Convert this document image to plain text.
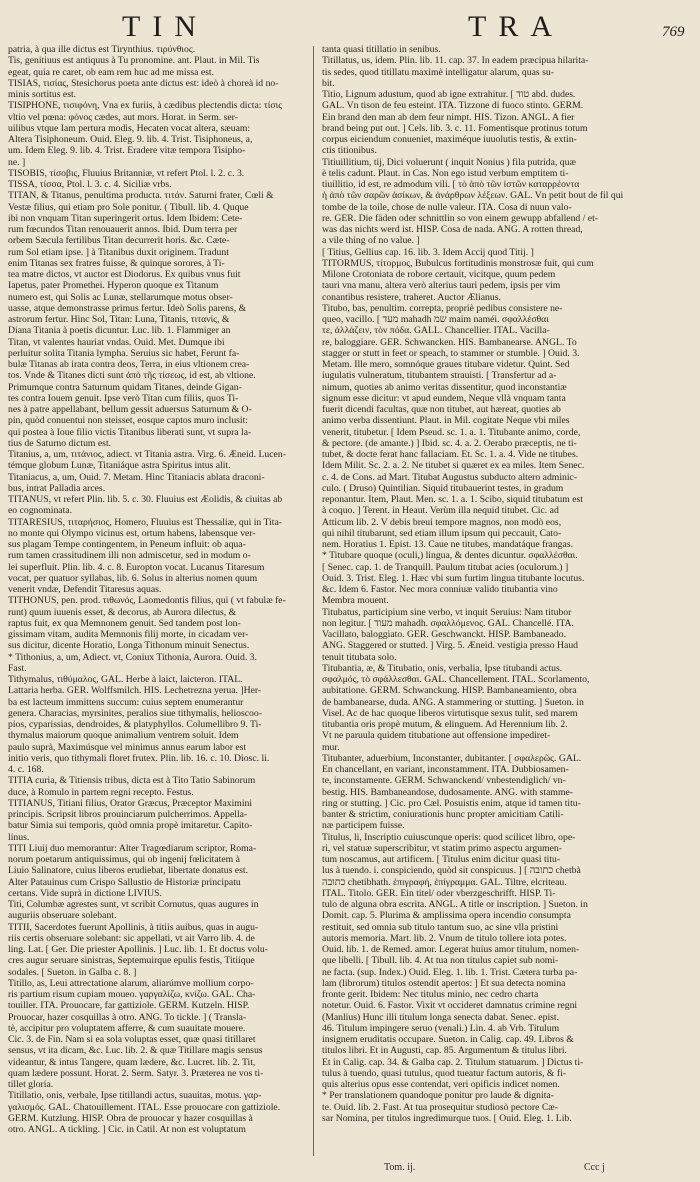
TIN	TRA	769
patria, à qua ille dictus est Tirynthius. τιρύνθιος.
Tis, genitiuus est antiquus à Tu pronomine. ant. Plaut. in Mil. Tis
egeat, quia re caret, ob eam rem huc ad me missa est.
TISIAS, τισίας, Stesichorus poeta ante dictus est: ideò à choreà id no-
minis sortitus est.
TISIPHONE, τισιφόνη, Vna ex furiis, à cædibus plectendis dicta: τίσις
vltio vel pœna: φόνος cædes, aut mors. Horat. in Serm. ser-
uilibus vtque Iam pertura modis, Hecaten vocat altera, sæuam:
Altera Tisiphoneum. Ouid. Eleg. 9. lib. 4. Trist. Tisiphoneus, a,
um. Idem Eleg. 9. lib. 4. Trist. Eradere vitæ tempora Tisipho-
ne. ]
TISOBIS, τίσοβις, Fluuius Britanniæ, vt refert Ptol. l. 2. c. 3.
TISSA, τίσσα, Ptol. l. 3. c. 4. Siciliæ vrbs.
TITAN, & Titanus, penultima producta. τιτάν. Saturni frater, Cœli &
Vestæ filius, qui etiam pro Sole ponitur. ( Tibull. lib. 4. Quque
ibi non vnquam Titan superingerit ortus. Idem Ibidem: Cete-
rum fœcundos Titan renouauerit annos. Ibid. Dum terra per
orbem Sæcula fertilibus Titan decurrerit horis. &c. Cæte-
rum Sol etiam ipse. ] à Titanibus duxit originem. Tradunt
enim Titanas sex fratres fuisse, & quinque sorores, à Ti-
tea matre dictos, vt auctor est Diodorus. Ex quibus vnus fuit
Iapetus, pater Promethei. Hyperon quoque ex Titanum
numero est, qui Solis ac Lunæ, stellarumque motus obser-
uasse, atque demonstrasse primus fertur. Ideò Solis parens, &
astrorum fertur. Hinc Sol, Titan: Luna, Titanis, τιτανίς, &
Diana Titania à poetis dicuntur. Luc. lib. 1. Flammiger an
Titan, vt valentes hauriat vndas. Ouid. Met. Dumque ibi
perluitur solita Titania lympha. Seruius sic habet, Ferunt fa-
bulæ Titanas ab irata contra deos, Terra, in eius vltionem crea-
tos. Vnde & Titanes dicti sunt ἀπὸ τῆς τίσεως, id est, ab vltione.
Primumque contra Saturnum quidam Titanes, deinde Gigan-
tes contra Iouem genuit. Ipse verò Titan cum filiis, quos Ti-
nes à patre appellabant, bellum gessit aduersus Saturnum & O-
pin, quòd conuentui non steisset, eosque captos muro inclusit:
qui postea à Ioue filio victis Titanibus liberati sunt, vt supra la-
tius de Saturno dictum est.
Titanius, a, um, τιτάνιος, adiect. vt Titania astra. Virg. 6. Æneid. Lucen-
témque globum Lunæ, Titaniáque astra Spiritus intus alit.
Titaniacus, a, um, Ouid. 7. Metam. Hinc Titaniacis ablata draconi-
bus, intrat Palladia arces.
TITANUS, vt refert Plin. lib. 5. c. 30. Fluuius est Æolidis, & ciuitas ab
eo cognominata.
TITARESIUS, τιταρήσιος, Homero, Fluuius est Thessaliæ, qui in Tita-
no monte qui Olympo vicinus est, ortum habens, labensque ver-
sus plagam Tempe contingentem, in Peneum influit: ob aqua-
rum tamen crassitudinem illi non admiscetur, sed in modum o-
lei superfluit. Plin. lib. 4. c. 8. Europton vocat. Lucanus Titaresum
vocat, per quatuor syllabas, lib. 6. Solus in alterius nomen quum
venerit vndæ, Defendit Titaresus aquas.
TITHONUS, pen. prod. τιθωνός, Laomedontis filius, qui ( vt fabulæ fe-
runt) quum iuuenis esset, & decorus, ab Aurora dilectus, &
raptus fuit, ex qua Memnonem genuit. Sed tandem post lon-
gissimam vitam, audita Memnonis filij morte, in cicadam ver-
sus dicitur, dicente Horatio, Longa Tithonum minuit Senectus.
* Tithonius, a, um, Adiect. vt, Coniux Tithonia, Aurora. Ouid. 3.
Fast.
Tithymalus, τιθύμαλος, GAL. Herbe à laict, laicteron. ITAL.
Lattaria herba. GER. Wolffsmilch. HIS. Lechetrezna yerua. ]Her-
ba est lacteum immittens succum: cuius septem enumerantur
genera. Characias, myrsinites, peralios siue tithymalis, helioscoo-
pios, cyparissias, dendroides, & platyphyllos. Columellibro 9. Ti-
thymalus maiorum quoque animalium ventrem soluit. Idem
paulo suprà, Maximúsque vel minimus annus earum labor est
initio veris, quo tithymali floret frutex. Plin. lib. 16. c. 10. Diosc. li.
4. c. 168.
TITIA curia, & Titiensis tribus, dicta est à Tito Tatio Sabinorum
duce, à Romulo in partem regni recepto. Festus.
TITIANUS, Titiani filius, Orator Græcus, Præceptor Maximini
principis. Scripsit libros prouinciarum pulcherrimos. Appella-
batur Simia sui temporis, quòd omnia propè imitaretur. Capito-
linus.
TITI Liuij duo memorantur: Alter Tragœdiarum scriptor, Roma-
norum poetarum antiquissimus, qui ob ingenij fœlicitatem à
Liuio Salinatore, cuius liberos erudiebat, libertate donatus est.
Alter Patauinus cum Crispo Sallustio de Historiæ principatu
certans. Vide suprà in dictione LIVIUS.
Titi, Columbæ agrestes sunt, vt scribit Cornutus, quas augures in
auguriis obseruare solebant.
TITII, Sacerdotes fuerunt Apollinis, à titiis auibus, quas in augu-
riis certis obseruare solebant: sic appellati, vt ait Varro lib. 4. de
ling. Lat. [ Ger. Die priester Apollinis. ] Luc. lib. 1. Et doctus volu-
cres augur seruare sinistras, Septemuirque epulis festis, Titiique
sodales. [ Sueton. in Galba c. 8. ]
Titillo, as, Leui attrectatione alarum, aliarúmve mollium corpo-
ris partium risum cupiam moueo. γαργαλίζω, κνίζω. GAL. Cha-
touiller. ITA. Prouocare, far gattiziole. GERM. Kutzeln. HISP.
Prouocar, hazer cosquillas à otro. ANG. To tickle. ] ( Transla-
tè, accipitur pro voluptatem afferre, & cum suauitate mouere.
Cic. 3. de Fin. Nam si ea sola voluptas esset, quæ quasi titillaret
sensus, vt ita dicam, &c. Luc. lib. 2. & quæ Titillare magis sensus
videantur, & intus Tangere, quam lædere, &c. Lucret. lib. 2. Tit,
quam lædere possunt. Horat. 2. Serm. Satyr. 3. Præterea ne vos ti-
tillet gloria.
Titillatio, onis, verbale, Ipse titillandi actus, suauitas, motus. γαρ-
γαλισμός. GAL. Chatouillement. ITAL. Esse prouocare con gattiziole.
GERM. Kutzlung. HISP. Obra de prouocar y hazer cosquillas à
otro. ANGL. A tickling. ] Cic. in Catil. At non est voluptatum
tanta quasi titillatio in senibus.
Titillatus, us, idem. Plin. lib. 11. cap. 37. In eadem præcipua hilarita-
tis sedes, quod titillatu maximè intelligatur alarum, quas su-
bit.
Titio, Lignum adustum, quod ab igne extrahitur. [ טוד abd. dudes.
GAL. Vn tison de feu esteint. ITA. Tizzone di fuoco stinto. GERM.
Ein brand den man ab dem feur nimpt. HIS. Tizon. ANGL. A fier
brand being put out. ] Cels. lib. 3. c. 11. Fomentisque protinus totum
corpus eiciendum conueniet, maximéque iuuolutis testis, & extin-
ctis titionibus.
Titiuillitium, tij, Dici voluerunt ( inquit Nonius ) fila putrida, quæ
è telis cadunt. Plaut. in Cas. Non ego istud verbum emptitem ti-
tiuillitio, id est, re admodum vili. [ τὸ ἀπὸ τῶν ἱστῶν καταρρέοντα
ἡ ἀπὸ τῶν σαρῶν ἀσίκων, & ἀνάρθρων λέξεων. GAL. Vn petit bout de fil qui
tombe de la toile, chose de nulle valeur. ITA. Cosa di nuun valo-
re. GER. Die fäden oder schnittlin so von einem gewupp abfallend / et-
was das nichts werd ist. HISP. Cosa de nada. ANG. A rotten thread,
a vile thing of no value. ]
[ Titius, Gellius cap. 16. lib. 3. Idem Accij quod Titij. ]
TITORMUS, τίτορμος, Bubulcus fortitudinis monstrosæ fuit, qui cum
Milone Crotoniata de robore certauit, vicitque, quum pedem
tauri vna manu, altera verò alterius tauri pedem, ipsis per vim
conantibus resistere, traheret. Auctor Ælianus.
Titubo, bas, penultim. correpta, propriè pedibus consistere ne-
queo, vacillo. [ מעד mahadh שמ maim naméi. σφαλλέσθαι
τε, ἀλλάζειν, τὸν πόδα. GALL. Chancellier. ITAL. Vacilla-
re, baloggiare. GER. Schwancken. HIS. Bambanearse. ANGL. To
stagger or stutt in feet or speach, to stammer or stumble. ] Ouid. 3.
Metam. Ille mero, somnóque graues titubare videtur. Quint. Sed
iugulatis vulneratum, titubantem strauisti. [ Transfertur ad a-
nimum, quoties ab animo veritas dissentitur, quod inconstantiæ
signum esse dicitur: vt apud eundem, Neque vllà vnquam tanta
fuerit dicendi facultas, quæ non titubet, aut hæreat, quoties ab
animo verba dissentiunt. Plaut. in Mil. cogitate Neque vbi miles
venerit, titubetur. [ Idem Pseud. sc. 1. a. 1. Titubante animo, corde,
& pectore. (de amante.) ] Ibid. sc. 4. a. 2. Oerabo præceptis, ne ti-
tubet, & docte ferat hanc fallaciam. Et. Sc. 1. a. 4. Vide ne titubes.
Idem Milit. Sc. 2. a. 2. Ne titubet si quæret ex ea miles. Item Senec.
c. 4. de Cons. ad Mart. Titubat Augustus subducto altero adminic-
culo. ( Druso) Quintilian. Siquid titubauerint testes, in gradum
reponantur. Item, Plaut. Men. sc. 1. a. 1. Scibo, siquid titubatum est
à coquo. ] Terent. in Heaut. Verùm illa nequid titubet. Cic. ad
Atticum lib. 2. V debis breui tempore magnos, non modò eos,
qui nihil titubarunt, sed etiam illum ipsum qui peccauit, Cato-
nem. Horatius 1. Epist. 13. Caue ne titubes, mandatáque frangas.
* Titubare quoque (oculi,) lingua, & dentes dicuntur. σφαλλέσθαι.
[ Senec. cap. 1. de Tranquill. Paulum titubat acies (oculorum.) ]
Ouid. 3. Trist. Eleg. 1. Hæc vbi sum furtim lingua titubante locutus.
&c. Idem 6. Fastor. Nec mora conniuæ valido titubantia vino
Membra mouent.
Titubatus, participium sine verbo, vt inquit Seruius: Nam titubor
non legitur. [ מעוד mahadh. σφαλλόμενος. GAL. Chancellé. ITA.
Vacillato, baloggiato. GER. Geschwanckt. HISP. Bambaneado.
ANG. Staggered or stutted. ] Virg. 5. Æneid. vestigia presso Haud
tenuit titubata solo.
Titubantia, æ, & Titubatio, onis, verbalia, Ipse titubandi actus.
σφαλμός, τὸ σφάλλεσθαι. GAL. Chancellement. ITAL. Scorlamento,
aubitatione. GERM. Schwanckung. HISP. Bambaneamiento, obra
de bambanearse, duda. ANG. A stammering or stutting. ] Sueton. in
Visel. Ac de hac quoque liberos virtutisque sexus tulit, sed marem
titubantia oris propè mutum, & elinguem. Ad Herennium lib. 2.
Vt ne paruula quidem titubatione aut offensione impediret-
mur.
Titubanter, aduerbium, Inconstanter, dubitanter. [ σφαλερῶς. GAL.
En chancellant, en variant, inconstamment. ITA. Dubbiosamen-
te, inconstamente. GERM. Schwanckend/ vnbestendiglich/ vn-
bestig. HIS. Bambaneandose, dudosamente. ANG. with stamme-
ring or stutting. ] Cic. pro Cæl. Posuistis enim, atque id tamen titu-
banter & strictim, coniurationis hunc propter amicitiam Catili-
næ participem fuisse.
Titulus, li, Inscriptio cuiuscunque operis: quod scilicet libro, ope-
ri, vel statuæ superscribitur, vt statim primo aspectu argumen-
tum noscamus, aut artificem. [ Titulus enim dicitur quasi titu-
lus à tuendo. i. conspiciendo, quòd sit conspicuus. ] [ כתובה chetbà
כתובה chetibhath. ἐπιγραφή, ἐπίγραμμα. GAL. Tiltre, elcriteau.
ITAL. Titolo. GER. Ein titel/ oder vberzgeschrifft. HISP. Ti-
tulo de alguna obra escrita. ANGL. A title or inscription. ] Sueton. in
Domit. cap. 5. Plurima & amplissima opera incendio consumpta
restituit, sed omnia sub titulo tantum suo, ac sine vlla pristini
autoris memoria. Mart. lib. 2. Vnum de titulo tollere iota potes.
Ouid. lib. 1. de Remed. amor. Legerat huius amor titulum, nomen-
que libelli. [ Tibull. lib. 4. At tua non titulus capiet sub nomi-
ne facta. (sup. Index.) Ouid. Eleg. 1. lib. 1. Trist. Cætera turba pa-
lam (librorum) titulos ostendit apertos: ] Et sua detecta nomina
fronte gerit. Ibidem: Nec titulus minio, nec cedro charta
notetur. Ouid. 6. Fastor. Vixit vt occideret damnatus crimine regni
(Manlius) Hunc illi titulum longa senecta dabat. Senec. epist.
46. Titulum impingere seruo (venali.) Lin. 4. ab Vrb. Titulum
insignem eruditatis occupare. Sueton. in Calig. cap. 49. Libros &
titulos libri. Et in Augusti, cap. 85. Argumentum & titulus libri.
Et in Calig. cap. 34. & Galba cap. 2. Titulum statuarum. ] Dictus ti-
tulus à tuendo, quasi tutulus, quod tueatur factum autoris, & fi-
quis alterius opus esse contendat, veri opificis indicet nomen.
* Per translationem quandoque ponitur pro laude & dignita-
te. Ouid. lib. 2. Fast. At tua prosequitur studiosò pectore Cæ-
sar Nomina, per titulos ingredimurque tuos. [ Ouid. Eleg. 1. Lib.
Tom. ij.	Ccc j
